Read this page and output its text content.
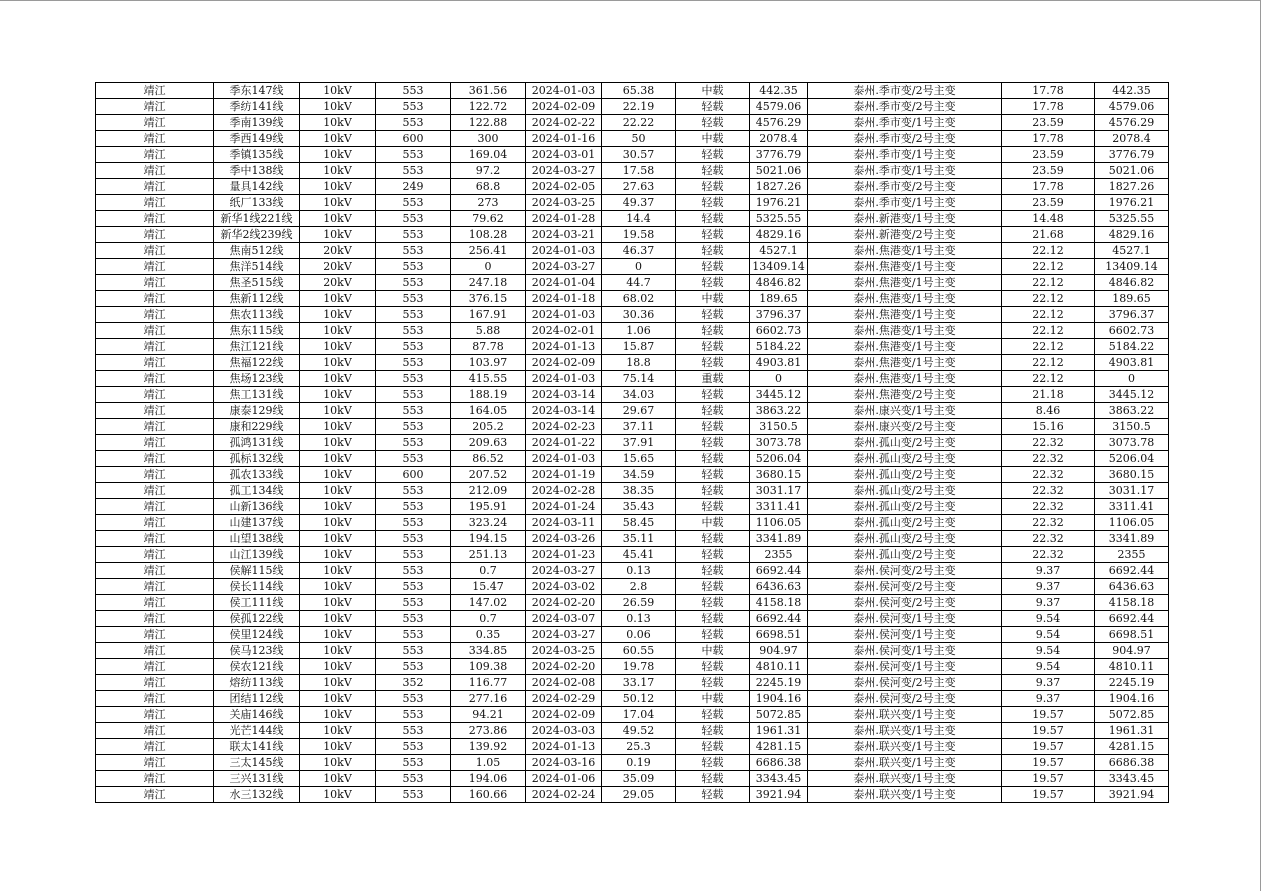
靖江	季东147线	10kV	553	361.56	2024-01-03	65.38	中载	442.35	泰州.季市变/2号主变	17.78	442.35
靖江	季纺141线	10kV	553	122.72	2024-02-09	22.19	轻载	4579.06	泰州.季市变/2号主变	17.78	4579.06
靖江	季南139线	10kV	553	122.88	2024-02-22	22.22	轻载	4576.29	泰州.季市变/1号主变	23.59	4576.29
靖江	季西149线	10kV	600	300	2024-01-16	50	中载	2078.4	泰州.季市变/2号主变	17.78	2078.4
靖江	季镇135线	10kV	553	169.04	2024-03-01	30.57	轻载	3776.79	泰州.季市变/1号主变	23.59	3776.79
靖江	季中138线	10kV	553	97.2	2024-03-27	17.58	轻载	5021.06	泰州.季市变/1号主变	23.59	5021.06
靖江	量具142线	10kV	249	68.8	2024-02-05	27.63	轻载	1827.26	泰州.季市变/2号主变	17.78	1827.26
靖江	纸厂133线	10kV	553	273	2024-03-25	49.37	轻载	1976.21	泰州.季市变/1号主变	23.59	1976.21
靖江	新华1线221线	10kV	553	79.62	2024-01-28	14.4	轻载	5325.55	泰州.新港变/1号主变	14.48	5325.55
靖江	新华2线239线	10kV	553	108.28	2024-03-21	19.58	轻载	4829.16	泰州.新港变/2号主变	21.68	4829.16
靖江	焦南512线	20kV	553	256.41	2024-01-03	46.37	轻载	4527.1	泰州.焦港变/1号主变	22.12	4527.1
靖江	焦洋514线	20kV	553	0	2024-03-27	0	轻载	13409.14	泰州.焦港变/1号主变	22.12	13409.14
靖江	焦圣515线	20kV	553	247.18	2024-01-04	44.7	轻载	4846.82	泰州.焦港变/1号主变	22.12	4846.82
靖江	焦新112线	10kV	553	376.15	2024-01-18	68.02	中载	189.65	泰州.焦港变/1号主变	22.12	189.65
靖江	焦农113线	10kV	553	167.91	2024-01-03	30.36	轻载	3796.37	泰州.焦港变/1号主变	22.12	3796.37
靖江	焦东115线	10kV	553	5.88	2024-02-01	1.06	轻载	6602.73	泰州.焦港变/1号主变	22.12	6602.73
靖江	焦江121线	10kV	553	87.78	2024-01-13	15.87	轻载	5184.22	泰州.焦港变/1号主变	22.12	5184.22
靖江	焦福122线	10kV	553	103.97	2024-02-09	18.8	轻载	4903.81	泰州.焦港变/1号主变	22.12	4903.81
靖江	焦场123线	10kV	553	415.55	2024-01-03	75.14	重载	0	泰州.焦港变/1号主变	22.12	0
靖江	焦工131线	10kV	553	188.19	2024-03-14	34.03	轻载	3445.12	泰州.焦港变/2号主变	21.18	3445.12
靖江	康泰129线	10kV	553	164.05	2024-03-14	29.67	轻载	3863.22	泰州.康兴变/1号主变	8.46	3863.22
靖江	康和229线	10kV	553	205.2	2024-02-23	37.11	轻载	3150.5	泰州.康兴变/2号主变	15.16	3150.5
靖江	孤鸿131线	10kV	553	209.63	2024-01-22	37.91	轻载	3073.78	泰州.孤山变/2号主变	22.32	3073.78
靖江	孤标132线	10kV	553	86.52	2024-01-03	15.65	轻载	5206.04	泰州.孤山变/2号主变	22.32	5206.04
靖江	孤农133线	10kV	600	207.52	2024-01-19	34.59	轻载	3680.15	泰州.孤山变/2号主变	22.32	3680.15
靖江	孤工134线	10kV	553	212.09	2024-02-28	38.35	轻载	3031.17	泰州.孤山变/2号主变	22.32	3031.17
靖江	山新136线	10kV	553	195.91	2024-01-24	35.43	轻载	3311.41	泰州.孤山变/2号主变	22.32	3311.41
靖江	山建137线	10kV	553	323.24	2024-03-11	58.45	中载	1106.05	泰州.孤山变/2号主变	22.32	1106.05
靖江	山望138线	10kV	553	194.15	2024-03-26	35.11	轻载	3341.89	泰州.孤山变/2号主变	22.32	3341.89
靖江	山江139线	10kV	553	251.13	2024-01-23	45.41	轻载	2355	泰州.孤山变/2号主变	22.32	2355
靖江	侯解115线	10kV	553	0.7	2024-03-27	0.13	轻载	6692.44	泰州.侯河变/2号主变	9.37	6692.44
靖江	侯长114线	10kV	553	15.47	2024-03-02	2.8	轻载	6436.63	泰州.侯河变/2号主变	9.37	6436.63
靖江	侯工111线	10kV	553	147.02	2024-02-20	26.59	轻载	4158.18	泰州.侯河变/2号主变	9.37	4158.18
靖江	侯孤122线	10kV	553	0.7	2024-03-07	0.13	轻载	6692.44	泰州.侯河变/1号主变	9.54	6692.44
靖江	侯里124线	10kV	553	0.35	2024-03-27	0.06	轻载	6698.51	泰州.侯河变/1号主变	9.54	6698.51
靖江	侯马123线	10kV	553	334.85	2024-03-25	60.55	中载	904.97	泰州.侯河变/1号主变	9.54	904.97
靖江	侯农121线	10kV	553	109.38	2024-02-20	19.78	轻载	4810.11	泰州.侯河变/1号主变	9.54	4810.11
靖江	熔纺113线	10kV	352	116.77	2024-02-08	33.17	轻载	2245.19	泰州.侯河变/2号主变	9.37	2245.19
靖江	团结112线	10kV	553	277.16	2024-02-29	50.12	中载	1904.16	泰州.侯河变/2号主变	9.37	1904.16
靖江	关庙146线	10kV	553	94.21	2024-02-09	17.04	轻载	5072.85	泰州.联兴变/1号主变	19.57	5072.85
靖江	光芒144线	10kV	553	273.86	2024-03-03	49.52	轻载	1961.31	泰州.联兴变/1号主变	19.57	1961.31
靖江	联太141线	10kV	553	139.92	2024-01-13	25.3	轻载	4281.15	泰州.联兴变/1号主变	19.57	4281.15
靖江	三太145线	10kV	553	1.05	2024-03-16	0.19	轻载	6686.38	泰州.联兴变/1号主变	19.57	6686.38
靖江	三兴131线	10kV	553	194.06	2024-01-06	35.09	轻载	3343.45	泰州.联兴变/1号主变	19.57	3343.45
靖江	水三132线	10kV	553	160.66	2024-02-24	29.05	轻载	3921.94	泰州.联兴变/1号主变	19.57	3921.94
